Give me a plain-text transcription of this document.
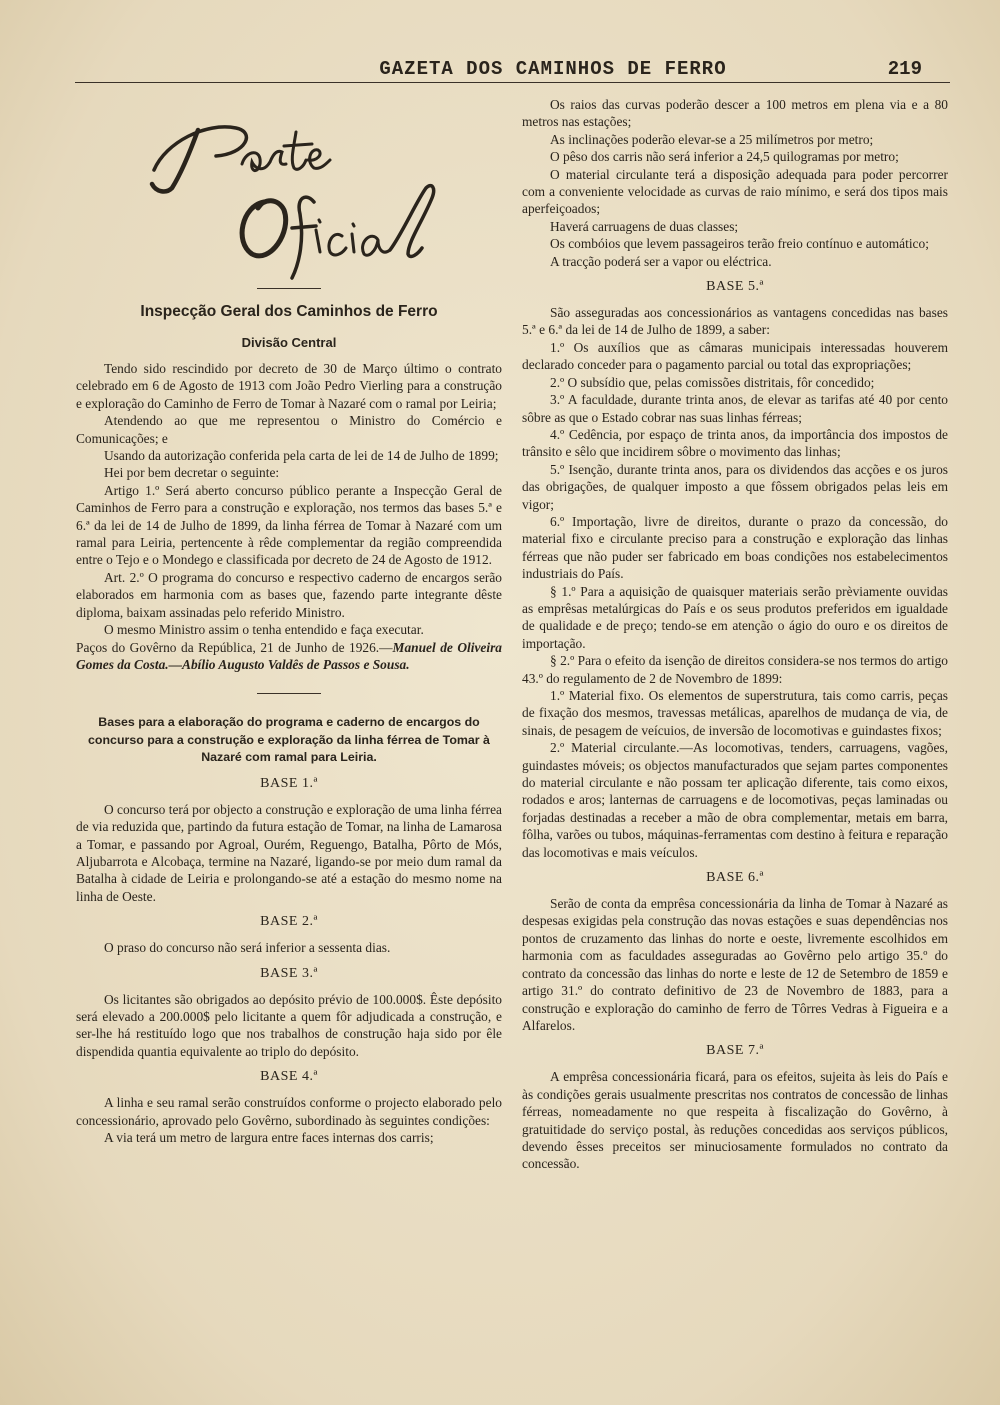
GAZETA DOS CAMINHOS DE FERRO	219
Inspecção Geral dos Caminhos de Ferro
Divisão Central

Tendo sido rescindido por decreto de 30 de Março último o contrato celebrado em 6 de Agosto de 1913 com João Pedro Vierling para a construção e exploração do Caminho de Ferro de Tomar à Nazaré com o ramal por Leiria;

Atendendo ao que me representou o Ministro do Comércio e Comunicações; e

Usando da autorização conferida pela carta de lei de 14 de Julho de 1899;

Hei por bem decretar o seguinte:

Artigo 1.º Será aberto concurso público perante a Inspecção Geral de Caminhos de Ferro para a construção e exploração, nos termos das bases 5.ª e 6.ª da lei de 14 de Julho de 1899, da linha férrea de Tomar à Nazaré com um ramal para Leiria, pertencente à rêde complementar da região compreendida entre o Tejo e o Mondego e classificada por decreto de 24 de Agosto de 1912.

Art. 2.º O programa do concurso e respectivo caderno de encargos serão elaborados em harmonia com as bases que, fazendo parte integrante dêste diploma, baixam assinadas pelo referido Ministro.

O mesmo Ministro assim o tenha entendido e faça executar.

Paços do Govêrno da República, 21 de Junho de 1926.—Manuel de Oliveira Gomes da Costa.—Abílio Augusto Valdês de Passos e Sousa.

Bases para a elaboração do programa e caderno de encargos do concurso para a construção e exploração da linha férrea de Tomar à Nazaré com ramal para Leiria.
BASE 1.ª

O concurso terá por objecto a construção e exploração de uma linha férrea de via reduzida que, partindo da futura estação de Tomar, na linha de Lamarosa a Tomar, e passando por Agroal, Ourém, Reguengo, Batalha, Pôrto de Mós, Aljubarrota e Alcobaça, termine na Nazaré, ligando-se por meio dum ramal da Batalha à cidade de Leiria e prolongando-se até a estação do mesmo nome na linha de Oeste.

BASE 2.ª

O praso do concurso não será inferior a sessenta dias.

BASE 3.ª

Os licitantes são obrigados ao depósito prévio de 100.000$. Êste depósito será elevado a 200.000$ pelo licitante a quem fôr adjudicada a construção, e ser-lhe há restituído logo que nos trabalhos de construção haja sido por êle dispendida quantia equivalente ao triplo do depósito.

BASE 4.ª

A linha e seu ramal serão construídos conforme o projecto elaborado pelo concessionário, aprovado pelo Govêrno, subordinado às seguintes condições:

A via terá um metro de largura entre faces internas dos carris;

Os raios das curvas poderão descer a 100 metros em plena via e a 80 metros nas estações;

As inclinações poderão elevar-se a 25 milímetros por metro;

O pêso dos carris não será inferior a 24,5 quilogramas por metro;

O material circulante terá a disposição adequada para poder percorrer com a conveniente velocidade as curvas de raio mínimo, e será dos tipos mais aperfeiçoados;

Haverá carruagens de duas classes;

Os combóios que levem passageiros terão freio contínuo e automático;

A tracção poderá ser a vapor ou eléctrica.

BASE 5.ª

São asseguradas aos concessionários as vantagens concedidas nas bases 5.ª e 6.ª da lei de 14 de Julho de 1899, a saber:

1.º Os auxílios que as câmaras municipais interessadas houverem declarado conceder para o pagamento parcial ou total das expropriações;

2.º O subsídio que, pelas comissões distritais, fôr concedido;

3.º A faculdade, durante trinta anos, de elevar as tarifas até 40 por cento sôbre as que o Estado cobrar nas suas linhas férreas;

4.º Cedência, por espaço de trinta anos, da importância dos impostos de trânsito e sêlo que incidirem sôbre o movimento das linhas;

5.º Isenção, durante trinta anos, para os dividendos das acções e os juros das obrigações, de qualquer imposto a que fôssem obrigados pelas leis em vigor;

6.º Importação, livre de direitos, durante o prazo da concessão, do material fixo e circulante preciso para a construção e exploração das linhas férreas que não puder ser fabricado em boas condições nos estabelecimentos industriais do País.

§ 1.º Para a aquisição de quaisquer materiais serão prèviamente ouvidas as emprêsas metalúrgicas do País e os seus produtos preferidos em igualdade de qualidade e de preço; tendo-se em atenção o ágio do ouro e os direitos de importação.

§ 2.º Para o efeito da isenção de direitos considera-se nos termos do artigo 43.º do regulamento de 2 de Novembro de 1899:

1.º Material fixo. Os elementos de superstrutura, tais como carris, peças de fixação dos mesmos, travessas metálicas, aparelhos de mudança de via, de sinais, de pesagem de veícuios, de inversão de locomotivas e guindastes fixos;

2.º Material circulante.—As locomotivas, tenders, carruagens, vagões, guindastes móveis; os objectos manufacturados que sejam partes componentes do material circulante e não possam ter aplicação diferente, tais como eixos, rodados e aros; lanternas de carruagens e de locomotivas, peças laminadas ou forjadas destinadas a receber a mão de obra complementar, metais em barra, fôlha, varões ou tubos, máquinas-ferramentas com destino à feitura e reparação das locomotivas e mais veículos.

BASE 6.ª

Serão de conta da emprêsa concessionária da linha de Tomar à Nazaré as despesas exigidas pela construção das novas estações e suas dependências nos pontos de cruzamento das linhas do norte e oeste, livremente escolhidos em harmonia com as faculdades asseguradas ao Govêrno pelo artigo 35.º do contrato da concessão das linhas do norte e leste de 12 de Setembro de 1859 e artigo 31.º do contrato definitivo de 23 de Novembro de 1883, para a construção e exploração do caminho de ferro de Tôrres Vedras à Figueira e a Alfarelos.

BASE 7.ª

A emprêsa concessionária ficará, para os efeitos, sujeita às leis do País e às condições gerais usualmente prescritas nos contratos de concessão de linhas férreas, nomeadamente no que respeita à fiscalização do Govêrno, à gratuitidade do serviço postal, às reduções concedidas aos serviços públicos, devendo êsses preceitos ser minuciosamente formulados no contrato da concessão.
